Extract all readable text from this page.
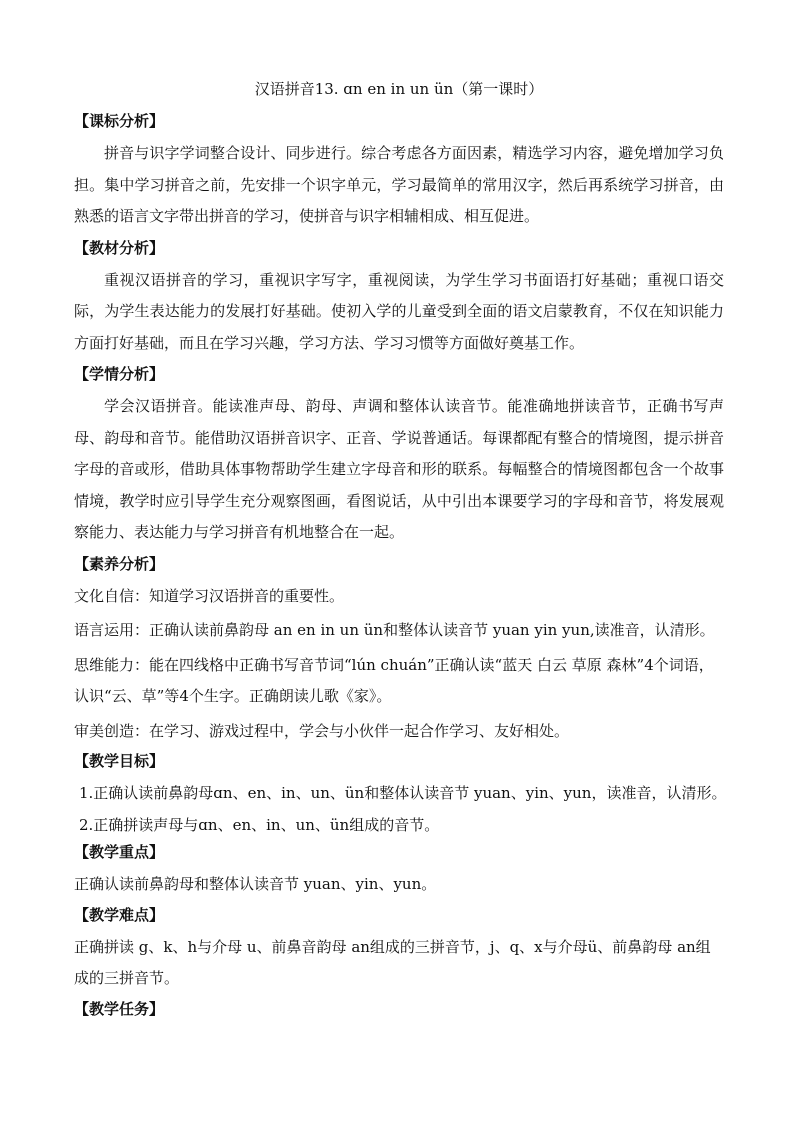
汉语拼音13. ɑn en in un ün（第一课时）
【课标分析】

拼音与识字学词整合设计、同步进行。综合考虑各方面因素，精选学习内容，避免增加学习负担。集中学习拼音之前，先安排一个识字单元，学习最简单的常用汉字，然后再系统学习拼音，由熟悉的语言文字带出拼音的学习，使拼音与识字相辅相成、相互促进。

【教材分析】

重视汉语拼音的学习，重视识字写字，重视阅读，为学生学习书面语打好基础；重视口语交际，为学生表达能力的发展打好基础。使初入学的儿童受到全面的语文启蒙教育，不仅在知识能力方面打好基础，而且在学习兴趣，学习方法、学习习惯等方面做好奠基工作。

【学情分析】

学会汉语拼音。能读准声母、韵母、声调和整体认读音节。能准确地拼读音节，正确书写声母、韵母和音节。能借助汉语拼音识字、正音、学说普通话。每课都配有整合的情境图，提示拼音字母的音或形，借助具体事物帮助学生建立字母音和形的联系。每幅整合的情境图都包含一个故事情境，教学时应引导学生充分观察图画，看图说话，从中引出本课要学习的字母和音节，将发展观察能力、表达能力与学习拼音有机地整合在一起。

【素养分析】

文化自信：知道学习汉语拼音的重要性。

语言运用：正确认读前鼻韵母 an en in un ün和整体认读音节 yuan yin yun,读准音，认清形。

思维能力：能在四线格中正确书写音节词“lún chuán”正确认读“蓝天 白云 草原 森林”4个词语，认识“云、草”等4个生字。正确朗读儿歌《家》。

审美创造：在学习、游戏过程中，学会与小伙伴一起合作学习、友好相处。

【教学目标】

1.正确认读前鼻韵母ɑn、en、in、un、ün和整体认读音节 yuan、yin、yun，读准音，认清形。

2.正确拼读声母与ɑn、en、in、un、ün组成的音节。

【教学重点】

正确认读前鼻韵母和整体认读音节 yuan、yin、yun。

【教学难点】

正确拼读 g、k、h与介母 u、前鼻音韵母 an组成的三拼音节，j、q、x与介母ü、前鼻韵母 an组成的三拼音节。

【教学任务】
